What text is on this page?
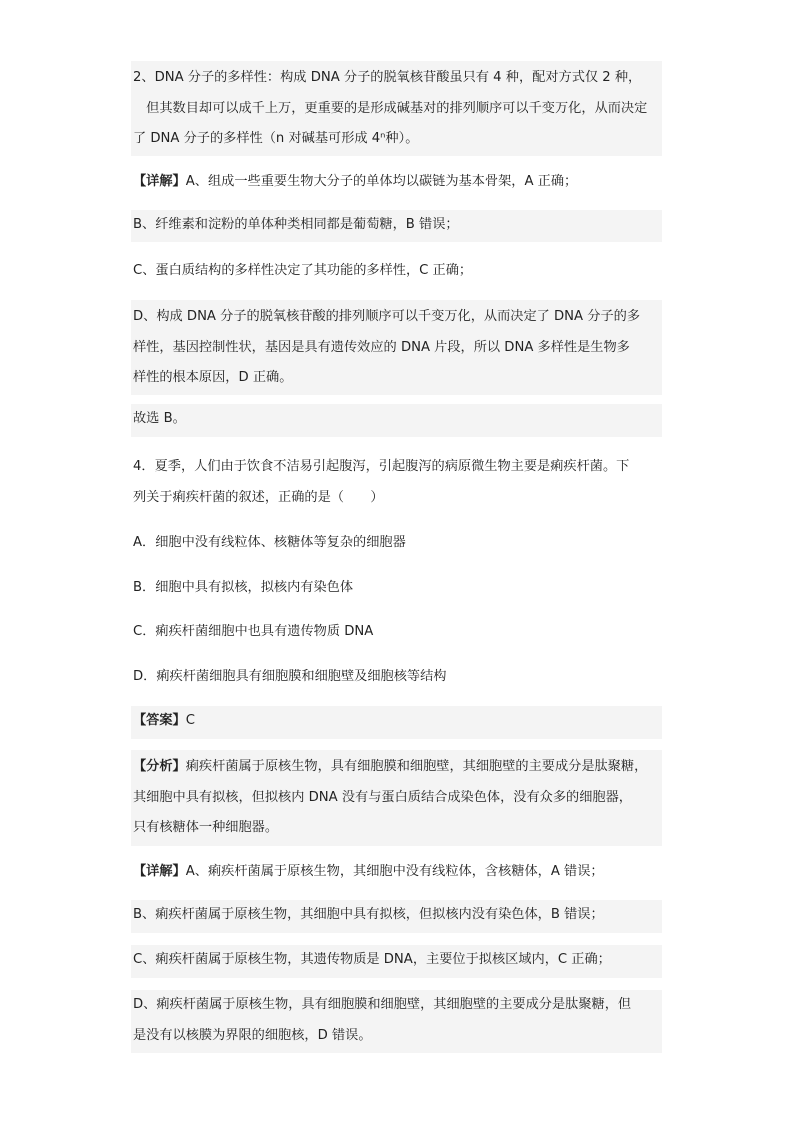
2、DNA 分子的多样性：构成 DNA 分子的脱氧核苷酸虽只有 4 种，配对方式仅 2 种，
　但其数目却可以成千上万，更重要的是形成碱基对的排列顺序可以千变万化，从而决定
了 DNA 分子的多样性（n 对碱基可形成 4ⁿ种）。
【详解】A、组成一些重要生物大分子的单体均以碳链为基本骨架，A 正确；
B、纤维素和淀粉的单体种类相同都是葡萄糖，B 错误；
C、蛋白质结构的多样性决定了其功能的多样性，C 正确；
D、构成 DNA 分子的脱氧核苷酸的排列顺序可以千变万化，从而决定了 DNA 分子的多
样性，基因控制性状，基因是具有遗传效应的 DNA 片段，所以 DNA 多样性是生物多
样性的根本原因，D 正确。
故选 B。
4．夏季，人们由于饮食不洁易引起腹泻，引起腹泻的病原微生物主要是痢疾杆菌。下
列关于痢疾杆菌的叙述，正确的是（　　）
A．细胞中没有线粒体、核糖体等复杂的细胞器
B．细胞中具有拟核，拟核内有染色体
C．痢疾杆菌细胞中也具有遗传物质 DNA
D．痢疾杆菌细胞具有细胞膜和细胞壁及细胞核等结构
【答案】C
【分析】痢疾杆菌属于原核生物，具有细胞膜和细胞壁，其细胞壁的主要成分是肽聚糖，
其细胞中具有拟核，但拟核内 DNA 没有与蛋白质结合成染色体，没有众多的细胞器，
只有核糖体一种细胞器。
【详解】A、痢疾杆菌属于原核生物，其细胞中没有线粒体，含核糖体，A 错误；
B、痢疾杆菌属于原核生物，其细胞中具有拟核，但拟核内没有染色体，B 错误；
C、痢疾杆菌属于原核生物，其遗传物质是 DNA，主要位于拟核区域内，C 正确；
D、痢疾杆菌属于原核生物，具有细胞膜和细胞壁，其细胞壁的主要成分是肽聚糖，但
是没有以核膜为界限的细胞核，D 错误。
